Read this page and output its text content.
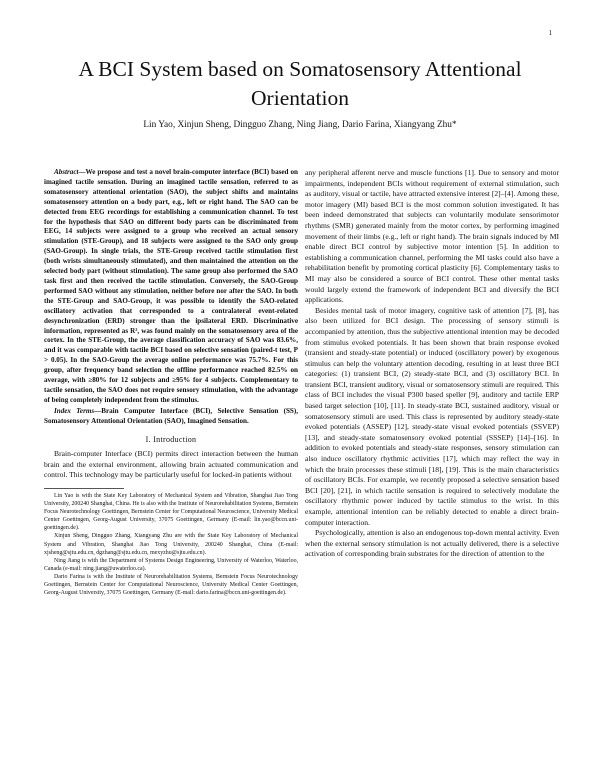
1
A BCI System based on Somatosensory Attentional Orientation
Lin Yao, Xinjun Sheng, Dingguo Zhang, Ning Jiang, Dario Farina, Xiangyang Zhu*

Abstract—We propose and test a novel brain-computer interface (BCI) based on imagined tactile sensation. During an imagined tactile sensation, referred to as somatosensory attentional orientation (SAO), the subject shifts and maintains somatosensory attention on a body part, e.g., left or right hand. The SAO can be detected from EEG recordings for establishing a communication channel. To test for the hypothesis that SAO on different body parts can be discriminated from EEG, 14 subjects were assigned to a group who received an actual sensory stimulation (STE-Group), and 18 subjects were assigned to the SAO only group (SAO-Group). In single trials, the STE-Group received tactile stimulation first (both wrists simultaneously stimulated), and then maintained the attention on the selected body part (without stimulation). The same group also performed the SAO task first and then received the tactile stimulation. Conversely, the SAO-Group performed SAO without any stimulation, neither before nor after the SAO. In both the STE-Group and SAO-Group, it was possible to identify the SAO-related oscillatory activation that corresponded to a contralateral event-related desynchronization (ERD) stronger than the ipsilateral ERD. Discriminative information, represented as R², was found mainly on the somatosensory area of the cortex. In the STE-Group, the average classification accuracy of SAO was 83.6%, and it was comparable with tactile BCI based on selective sensation (paired-t test, P > 0.05). In the SAO-Group the average online performance was 75.7%. For this group, after frequency band selection the offline performance reached 82.5% on average, with ≥80% for 12 subjects and ≥95% for 4 subjects. Complementary to tactile sensation, the SAO does not require sensory stimulation, with the advantage of being completely independent from the stimulus.

Index Terms—Brain Computer Interface (BCI), Selective Sensation (SS), Somatosensory Attentional Orientation (SAO), Imagined Sensation.

I. Introduction

Brain-computer Interface (BCI) permits direct interaction between the human brain and the external environment, allowing brain actuated communication and control. This technology may be particularly useful for locked-in patients without

Lin Yao is with the State Key Laboratory of Mechanical System and Vibration, Shanghai Jiao Tong University, 200240 Shanghai, China. He is also with the Institute of Neurorehabilitation Systems, Bernstein Focus Neurotechnology Goettingen, Bernstein Center for Computational Neuroscience, University Medical Center Goettingen, Georg-August University, 37075 Goettingen, Germany (E-mail: lin.yao@bccn.uni-goettingen.de).

Xinjun Sheng, Dingguo Zhang, Xiangyang Zhu are with the State Key Laboratory of Mechanical System and Vibration, Shanghai Jiao Tong University, 200240 Shanghai, China (E-mail: xjsheng@sjtu.edu.cn, dgzhang@sjtu.edu.cn, mexyzhu@sjtu.edu.cn).

Ning Jiang is with the Department of Systems Design Engineering, University of Waterloo, Waterloo, Canada (e-mail: ning.jiang@uwaterloo.ca).

Dario Farina is with the Institute of Neurorehabilitation Systems, Bernstein Focus Neurotechnology Goettingen, Bernstein Center for Computational Neuroscience, University Medical Center Goettingen, Georg-August University, 37075 Goettingen, Germany (E-mail: dario.farina@bccn.uni-goettingen.de).

any peripheral afferent nerve and muscle functions [1]. Due to sensory and motor impairments, independent BCIs without requirement of external stimulation, such as auditory, visual or tactile, have attracted extensive interest [2]–[4]. Among these, motor imagery (MI) based BCI is the most common solution investigated. It has been indeed demonstrated that subjects can voluntarily modulate sensorimotor rhythms (SMR) generated mainly from the motor cortex, by performing imagined movement of their limbs (e.g., left or right hand). The brain signals induced by MI enable direct BCI control by subjective motor intention [5]. In addition to establishing a communication channel, performing the MI tasks could also have a rehabilitation benefit by promoting cortical plasticity [6]. Complementary tasks to MI may also be considered a source of BCI control. These other mental tasks would largely extend the framework of independent BCI and diversify the BCI applications.

Besides mental task of motor imagery, cognitive task of attention [7], [8], has also been utilized for BCI design. The processing of sensory stimuli is accompanied by attention, thus the subjective attentional intention may be decoded from stimulus evoked potentials. It has been shown that brain response evoked (transient and steady-state potential) or induced (oscillatory power) by exogenous stimulus can help the voluntary attention decoding, resulting in at least three BCI categories: (1) transient BCI, (2) steady-state BCI, and (3) oscillatory BCI. In transient BCI, transient auditory, visual or somatosensory stimuli are required. This class of BCI includes the visual P300 based speller [9], auditory and tactile ERP based target selection [10], [11]. In steady-state BCI, sustained auditory, visual or somatosensory stimuli are used. This class is represented by auditory steady-state evoked potentials (ASSEP) [12], steady-state visual evoked potentials (SSVEP) [13], and steady-state somatosensory evoked potential (SSSEP) [14]–[16]. In addition to evoked potentials and steady-state responses, sensory stimulation can also induce oscillatory rhythmic activities [17], which may reflect the way in which the brain processes these stimuli [18], [19]. This is the main characteristics of oscillatory BCIs. For example, we recently proposed a selective sensation based BCI [20], [21], in which tactile sensation is required to selectively modulate the oscillatory rhythmic power induced by tactile stimulus to the wrist. In this example, attentional intention can be reliably detected to enable a direct brain-computer interaction.

Psychologically, attention is also an endogenous top-down mental activity. Even when the external sensory stimulation is not actually delivered, there is a selective activation of corresponding brain substrates for the direction of attention to the
